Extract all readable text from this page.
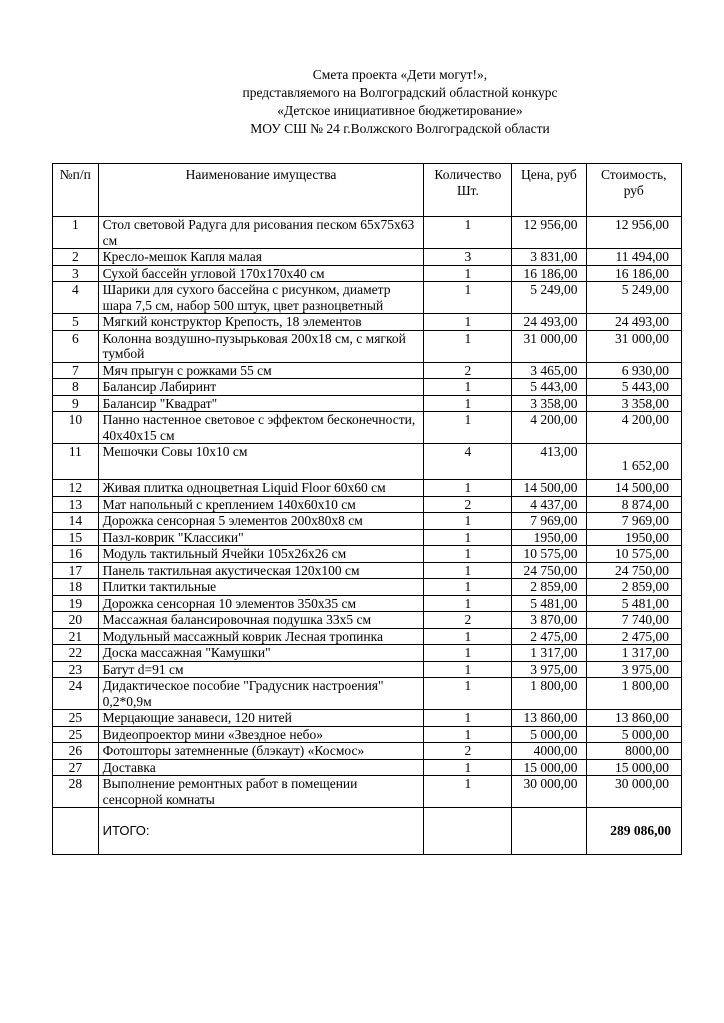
Смета проекта «Дети могут!»,
представляемого на Волгоградский областной конкурс
«Детское инициативное бюджетирование»
МОУ СШ № 24 г.Волжского Волгоградской области
№п/п	Наименование имущества	Количество Шт.	Цена, руб	Стоимость, руб
1	Стол световой Радуга для рисования песком 65x75x63 см	1	12 956,00	12 956,00
2	Кресло-мешок Капля малая	3	3 831,00	11 494,00
3	Сухой бассейн угловой 170х170х40 см	1	16 186,00	16 186,00
4	Шарики для сухого бассейна с рисунком, диаметр шара 7,5 см, набор 500 штук, цвет разноцветный	1	5 249,00	5 249,00
5	Мягкий конструктор Крепость, 18 элементов	1	24 493,00	24 493,00
6	Колонна воздушно-пузырьковая 200х18 см, с мягкой тумбой	1	31 000,00	31 000,00
7	Мяч прыгун с рожками 55 см	2	3 465,00	6 930,00
8	Балансир Лабиринт	1	5 443,00	5 443,00
9	Балансир "Квадрат"	1	3 358,00	3 358,00
10	Панно настенное световое с эффектом бесконечности, 40х40х15 см	1	4 200,00	4 200,00
11	Мешочки Совы 10х10 см	4	413,00	1 652,00
12	Живая плитка одноцветная Liquid Floor 60x60 см	1	14 500,00	14 500,00
13	Мат напольный с креплением 140х60х10 см	2	4 437,00	8 874,00
14	Дорожка сенсорная 5 элементов 200х80х8 см	1	7 969,00	7 969,00
15	Пазл-коврик "Классики"	1	1950,00	1950,00
16	Модуль тактильный Ячейки 105х26х26 см	1	10 575,00	10 575,00
17	Панель тактильная акустическая 120х100 см	1	24 750,00	24 750,00
18	Плитки тактильные	1	2 859,00	2 859,00
19	Дорожка сенсорная 10 элементов 350х35 см	1	5 481,00	5 481,00
20	Массажная балансировочная подушка 33х5 см	2	3 870,00	7 740,00
21	Модульный массажный коврик Лесная тропинка	1	2 475,00	2 475,00
22	Доска массажная "Камушки"	1	1 317,00	1 317,00
23	Батут d=91 см	1	3 975,00	3 975,00
24	Дидактическое пособие "Градусник настроения" 0,2*0,9м	1	1 800,00	1 800,00
25	Мерцающие занавеси, 120 нитей	1	13 860,00	13 860,00
25	Видеопроектор мини «Звездное небо»	1	5 000,00	5 000,00
26	Фотошторы затемненные (блэкаут) «Космос»	2	4000,00	8000,00
27	Доставка	1	15 000,00	15 000,00
28	Выполнение ремонтных работ в помещении сенсорной комнаты	1	30 000,00	30 000,00
	ИТОГО:			289 086,00
